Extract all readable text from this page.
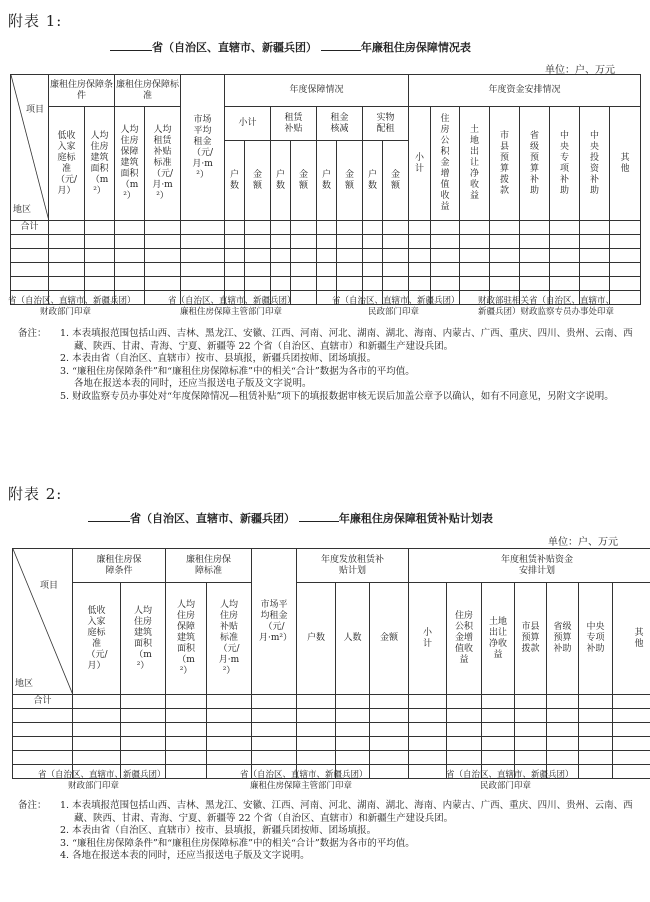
附表 1:
省（自治区、直辖市、新疆兵团）	年廉租住房保障情况表
单位：户、万元
项目
地区	廉租住房保障条件		廉租住房保障标准		市场平均租金（元/月·m²）	年度保障情况								年度资金安排情况							
	低收入家庭标准（元/月）	人均住房建筑面积（m²）	人均住房保障建筑面积（m²）	人均租赁补贴标准（元/月·m²）		小计		租赁补贴		租金核减		实物配租		小计	住房公积金增值收益	土地出让净收益	市县预算拨款	省级预算补助	中央专项补助	中央投资补助	其他
						户数	金额	户数	金额	户数	金额	户数	金额								
合计																					

省（自治区、直辖市、新疆兵团）
财政部门印章
省（自治区、直辖市、新疆兵团）
廉租住房保障主管部门印章
省（自治区、直辖市、新疆兵团）
民政部门印章
财政部驻相关省（自治区、直辖市、
新疆兵团）财政监察专员办事处印章
备注：	1. 本表填报范围包括山西、吉林、黑龙江、安徽、江西、河南、河北、湖南、湖北、海南、内蒙古、广西、重庆、四川、贵州、云南、西藏、陕西、甘肃、青海、宁夏、新疆等 22 个省（自治区、直辖市）和新疆生产建设兵团。

2. 本表由省（自治区、直辖市）按市、县填报，新疆兵团按师、团场填报。

3. “廉租住房保障条件”和“廉租住房保障标准”中的相关“合计”数据为各市的平均值。

各地在报送本表的同时，还应当报送电子版及文字说明。

5. 财政监察专员办事处对“年度保障情况—租赁补贴”项下的填报数据审核无误后加盖公章予以确认，如有不同意见，另附文字说明。

附表 2:
省（自治区、直辖市、新疆兵团）	年廉租住房保障租赁补贴计划表
单位：户、万元
项目
地区	廉租住房保障条件		廉租住房保障标准		市场平均租金（元/月·m²）	年度发放租赁补贴计划			年度租赁补贴资金安排计划						
	低收入家庭标准（元/月）	人均住房建筑面积（m²）	人均住房保障建筑面积（m²）	人均住房补贴标准（元/月·m²）		户数	人数	金额	小计	住房公积金增值收益	土地出让净收益	市县预算拨款	省级预算补助	中央专项补助	其他
合计															

省（自治区、直辖市、新疆兵团）
财政部门印章
省（自治区、直辖市、新疆兵团）
廉租住房保障主管部门印章
省（自治区、直辖市、新疆兵团）
民政部门印章
备注：	1. 本表填报范围包括山西、吉林、黑龙江、安徽、江西、河南、河北、湖南、湖北、海南、内蒙古、广西、重庆、四川、贵州、云南、西藏、陕西、甘肃、青海、宁夏、新疆等 22 个省（自治区、直辖市）和新疆生产建设兵团。

2. 本表由省（自治区、直辖市）按市、县填报，新疆兵团按师、团场填报。

3. “廉租住房保障条件”和“廉租住房保障标准”中的相关“合计”数据为各市的平均值。

4. 各地在报送本表的同时，还应当报送电子版及文字说明。
